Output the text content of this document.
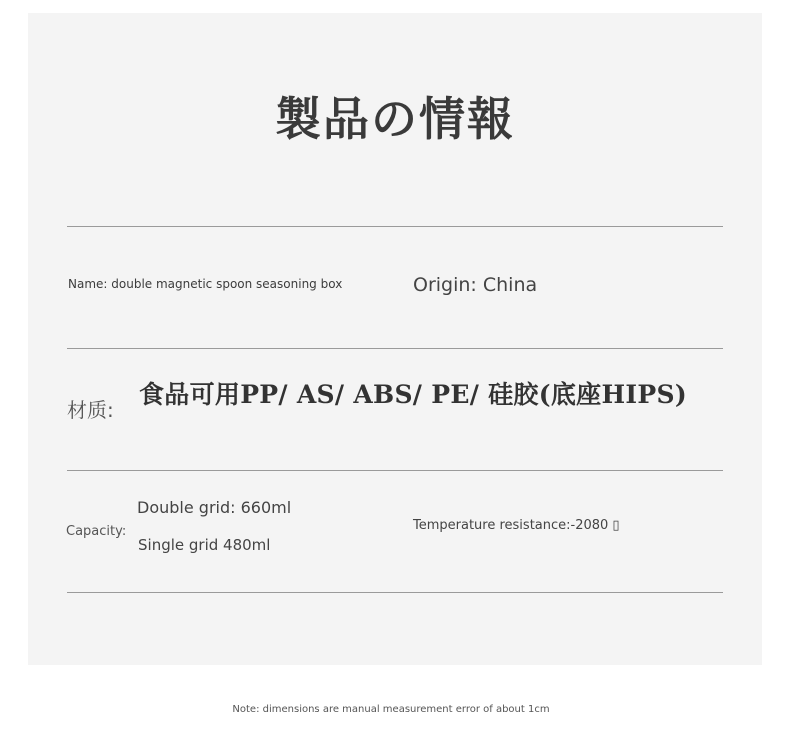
製品の情報
Name: double magnetic spoon seasoning box	Origin: China
材质:
食品可用PP/ AS/ ABS/ PE/ 硅胶(底座HIPS)
Capacity:
Double grid: 660ml
Single grid 480ml
Temperature resistance:-2080 ▯
Note: dimensions are manual measurement error of about 1cm
